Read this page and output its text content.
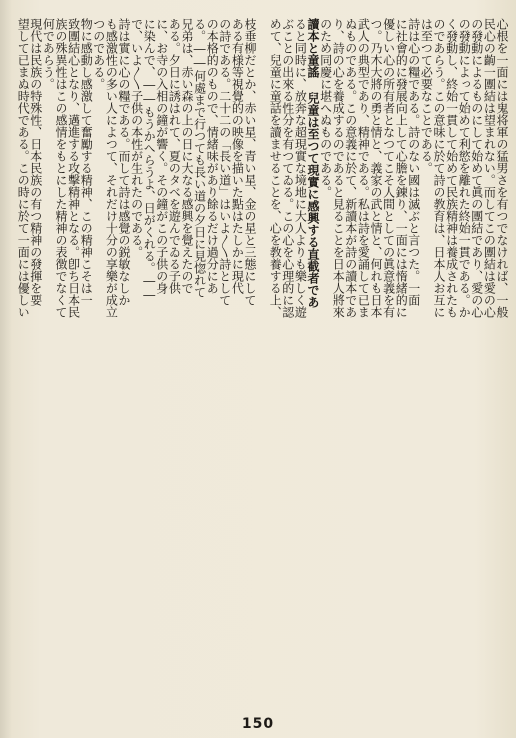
150
心根を一面には鬼将軍の猛男さを有つでなければ、一般
民心の齣一團結は望まれない。而してこの團結は愛の心
の發動によるものにして始めて眞の團結であり、愛の心
の發動によって始めて利慾を離れた終始一貫である。か
く發動し、終始一貫して始めて民族精神は養成されたも
のであらう。この意味に於て詩の教育は、日本人お互に
は至つて必要なことである。
詩は心の糧である。詩のない國は滅ぶと言つた。一面
に社會的に發展向上して心膽を錬り、一面には惰緒的に
優しい心の所有者となつてこそ人間としての眞意義を有
つ。乃木大將の勇と情と、義家の武と情と、何れも日本
武人の典型であり、精神である。私は詩を愛誦して已ま
ぬものである。この意義に於て、新讀本が詩の讀本であ
り、詩の心を養成するのであると見ることを日本人將來
のため同慶に堪へぬものである。
讀本と童謠 兒童は至つて現實に感興する直截者であ
ると同時に、放奔な超現實な境地に大人よりも樂しく遊
ぶことの出來る性分を有つてゐる。この心を心理的に認
めて、兒童に童話を讀ませることを、心を教養する上、
枝垂柳だとか、赤い星、青い星、金の星と三態にして
ある有様等視覺的の映像を描いた點はたしかに現代
の詩である。二十二の「長い道」はいよ〳〵詩として
の本格的のもので、情緒味があり餘るだけ過分にあ
る。――何處まで行つても長い道の夕日に見惚れて
兄弟は、赤い森の上の日に大なる感興を覺えたので
ある。夕日に誘はれて、夏のタべを遊んでゐる子供
に、お寺の入相の鐘が響く。その鐘がこの子供の身
に染んで、――もうかへらうよ、日がくれる。――
で、いよ〳〵子供の本性が生れたのである。
詩は實に心の糧である。而して詩は感覺の鋭敏なしか
も感激性の多い人によつて、それだけ十分の享樂が成立
つのである。
物に感動し感激して奮勵する精神、この精神こそは一
致團結心となり、邁進する攻擊精神となる。卽ち日本民
族の殊異性はこの感情をもとにした精神の表徴でなくて
何であらう。
現代は民族の特殊性、日本民族の有つ精神の發揮を要
望して已まぬ時代である。この時に於て一面には優しい
